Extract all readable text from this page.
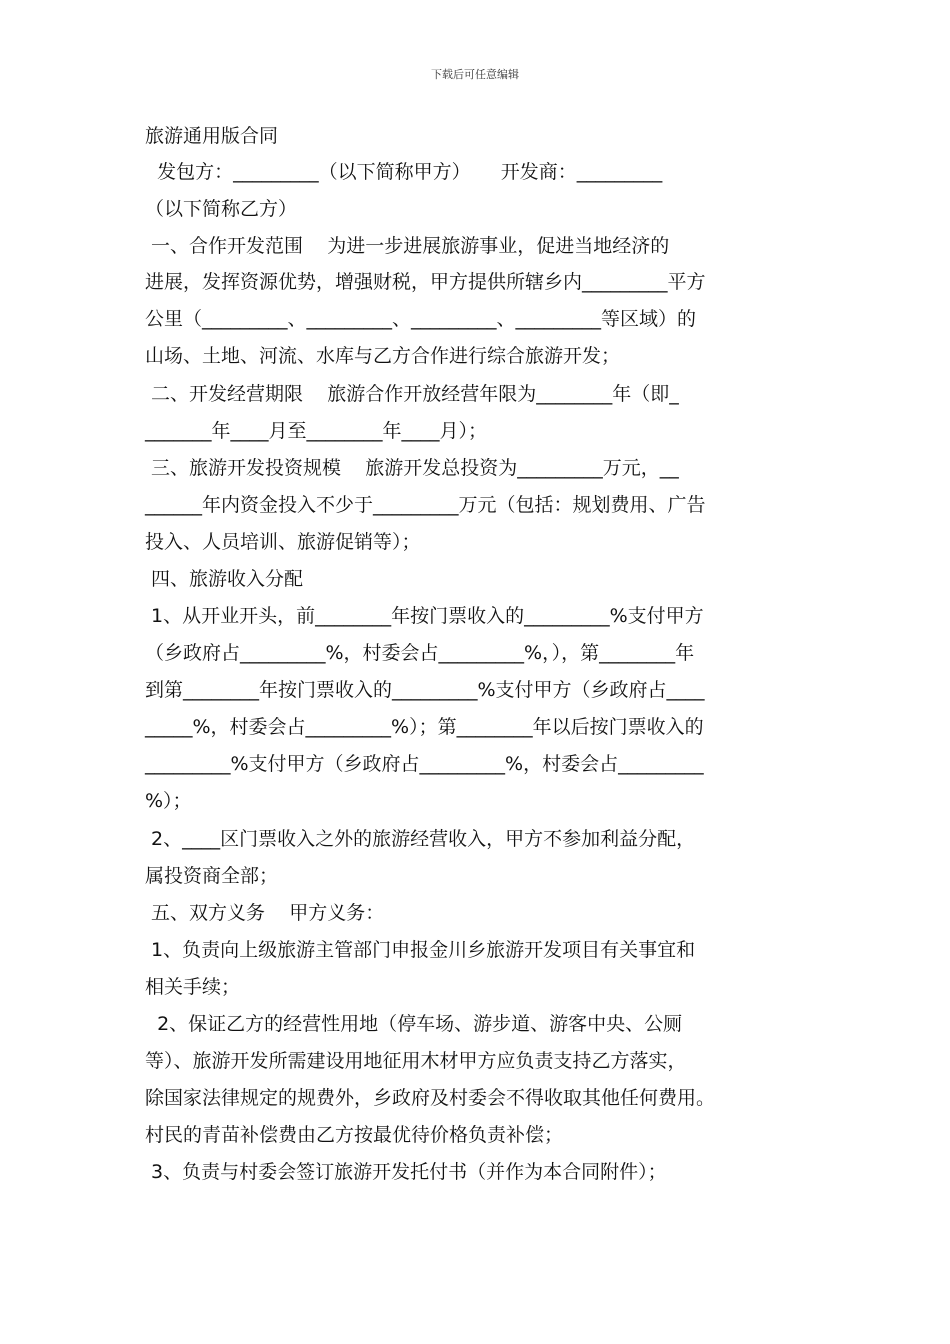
下载后可任意编辑
旅游通用版合同
发包方：_________（以下简称甲方）     开发商：_________
（以下简称乙方）
一、合作开发范围    为进一步进展旅游事业，促进当地经济的
进展，发挥资源优势，增强财税，甲方提供所辖乡内_________平方
公里（_________、_________、_________、_________等区域）的
山场、土地、河流、水库与乙方合作进行综合旅游开发；
二、开发经营期限    旅游合作开放经营年限为________年（即_
_______年____月至________年____月）；
三、旅游开发投资规模    旅游开发总投资为_________万元，__
______年内资金投入不少于_________万元（包括：规划费用、广告
投入、人员培训、旅游促销等）；
四、旅游收入分配
1、从开业开头，前________年按门票收入的_________%支付甲方
（乡政府占_________%，村委会占_________%，），第________年
到第________年按门票收入的_________%支付甲方（乡政府占____
_____%，村委会占_________%）；第________年以后按门票收入的
_________%支付甲方（乡政府占_________%，村委会占_________
%）；
2、____区门票收入之外的旅游经营收入，甲方不参加利益分配，
属投资商全部；
五、双方义务    甲方义务：
1、负责向上级旅游主管部门申报金川乡旅游开发项目有关事宜和
相关手续；
2、保证乙方的经营性用地（停车场、游步道、游客中央、公厕
等）、旅游开发所需建设用地征用木材甲方应负责支持乙方落实，
除国家法律规定的规费外，乡政府及村委会不得收取其他任何费用。
村民的青苗补偿费由乙方按最优待价格负责补偿；
3、负责与村委会签订旅游开发托付书（并作为本合同附件）；
